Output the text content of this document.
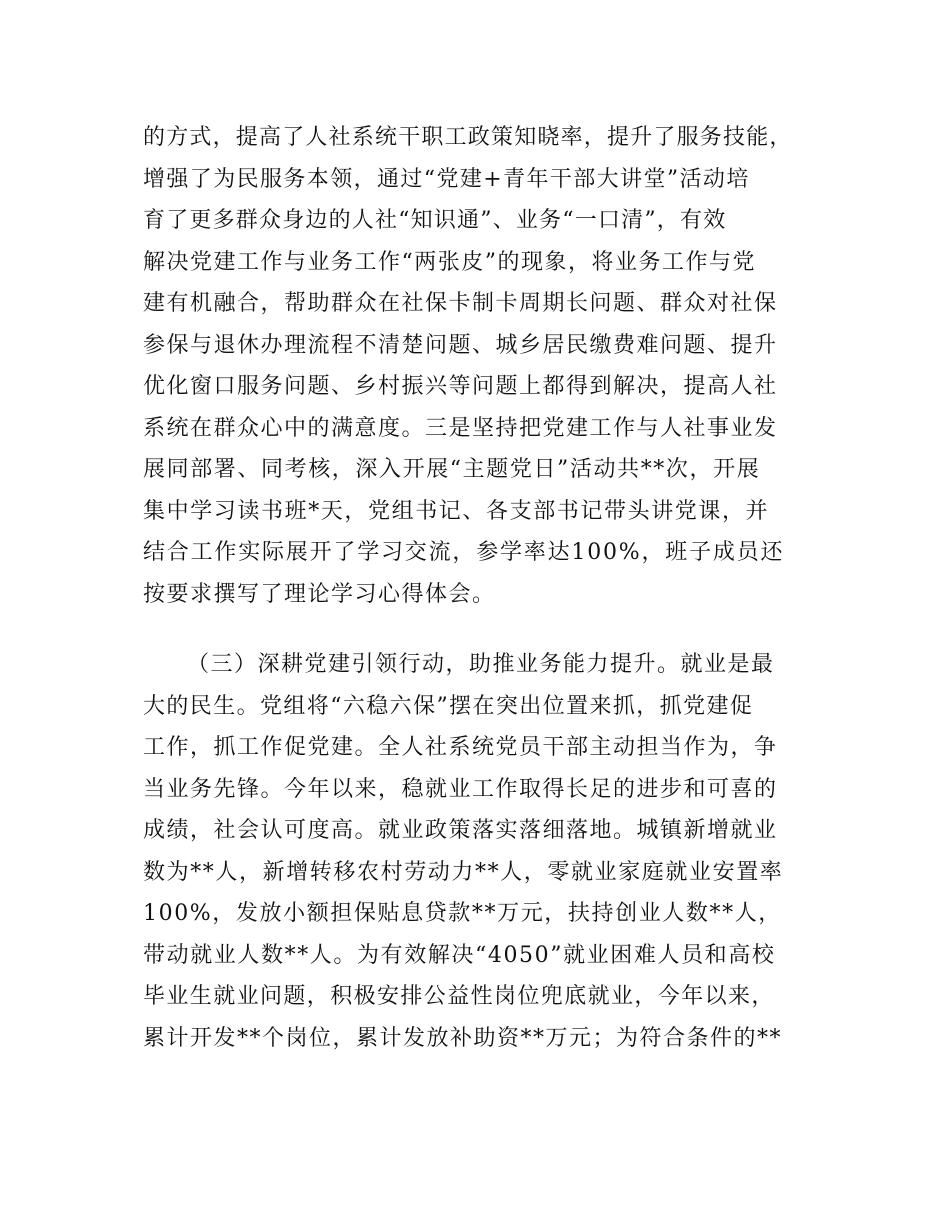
的方式，提高了人社系统干职工政策知晓率，提升了服务技能，
增强了为民服务本领，通过“党建+青年干部大讲堂”活动培
育了更多群众身边的人社“知识通”、业务“一口清”，有效
解决党建工作与业务工作“两张皮”的现象，将业务工作与党
建有机融合，帮助群众在社保卡制卡周期长问题、群众对社保
参保与退休办理流程不清楚问题、城乡居民缴费难问题、提升
优化窗口服务问题、乡村振兴等问题上都得到解决，提高人社
系统在群众心中的满意度。三是坚持把党建工作与人社事业发
展同部署、同考核，深入开展“主题党日”活动共**次，开展
集中学习读书班*天，党组书记、各支部书记带头讲党课，并
结合工作实际展开了学习交流，参学率达100%，班子成员还
按要求撰写了理论学习心得体会。
（三）深耕党建引领行动，助推业务能力提升。就业是最
大的民生。党组将“六稳六保”摆在突出位置来抓，抓党建促
工作，抓工作促党建。全人社系统党员干部主动担当作为，争
当业务先锋。今年以来，稳就业工作取得长足的进步和可喜的
成绩，社会认可度高。就业政策落实落细落地。城镇新增就业
数为**人，新增转移农村劳动力**人，零就业家庭就业安置率
100%，发放小额担保贴息贷款**万元，扶持创业人数**人，
带动就业人数**人。为有效解决“4050”就业困难人员和高校
毕业生就业问题，积极安排公益性岗位兜底就业，今年以来，
累计开发**个岗位，累计发放补助资**万元；为符合条件的**
